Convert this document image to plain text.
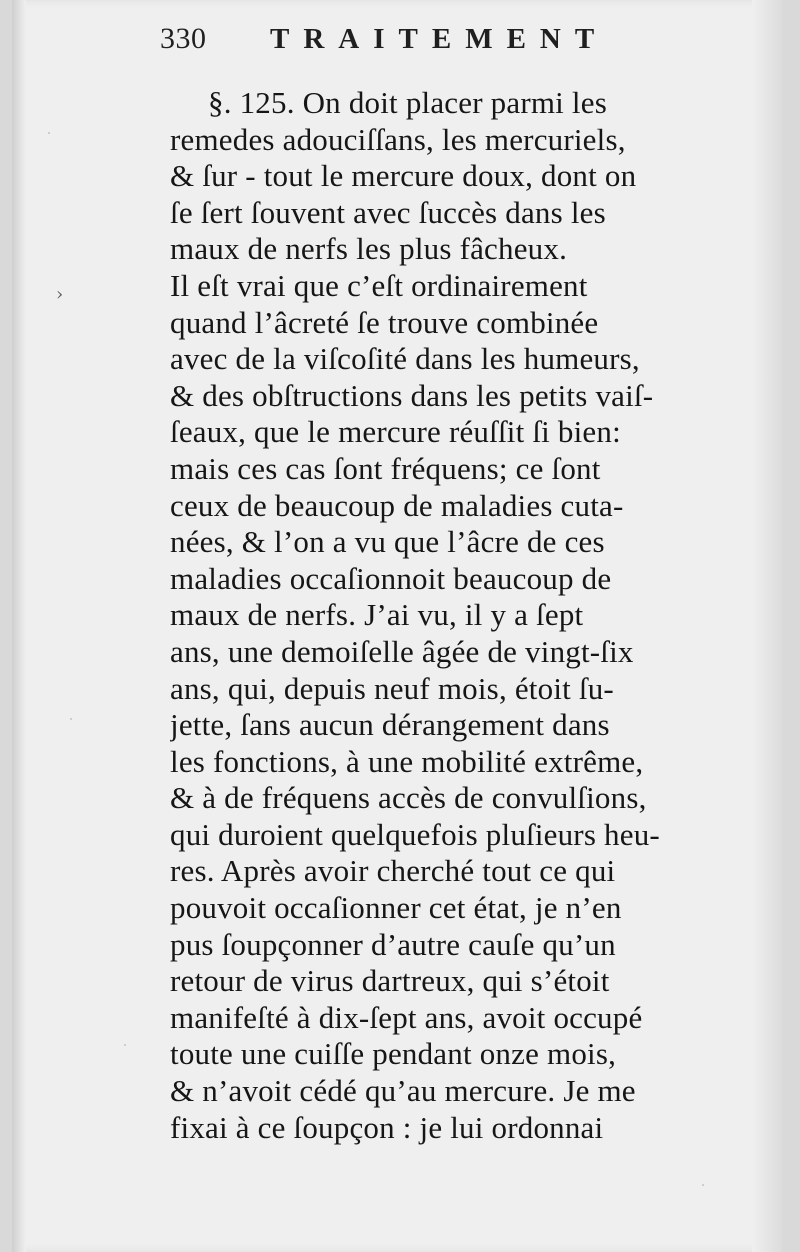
330 TRAITEMENT
›
§. 125. On doit placer parmi les
remedes adouciſſans, les mercuriels,
& ſur - tout le mercure doux, dont on
ſe ſert ſouvent avec ſuccès dans les
maux de nerfs les plus fâcheux.
Il eſt vrai que c’eſt ordinairement
quand l’âcreté ſe trouve combinée
avec de la viſcoſité dans les humeurs,
& des obſtructions dans les petits vaiſ-
ſeaux, que le mercure réuſſit ſi bien:
mais ces cas ſont fréquens; ce ſont
ceux de beaucoup de maladies cuta-
nées, & l’on a vu que l’âcre de ces
maladies occaſionnoit beaucoup de
maux de nerfs. J’ai vu, il y a ſept
ans, une demoiſelle âgée de vingt-ſix
ans, qui, depuis neuf mois, étoit ſu-
jette, ſans aucun dérangement dans
les fonctions, à une mobilité extrême,
& à de fréquens accès de convulſions,
qui duroient quelquefois pluſieurs heu-
res. Après avoir cherché tout ce qui
pouvoit occaſionner cet état, je n’en
pus ſoupçonner d’autre cauſe qu’un
retour de virus dartreux, qui s’étoit
manifeſté à dix-ſept ans, avoit occupé
toute une cuiſſe pendant onze mois,
& n’avoit cédé qu’au mercure. Je me
fixai à ce ſoupçon : je lui ordonnai
